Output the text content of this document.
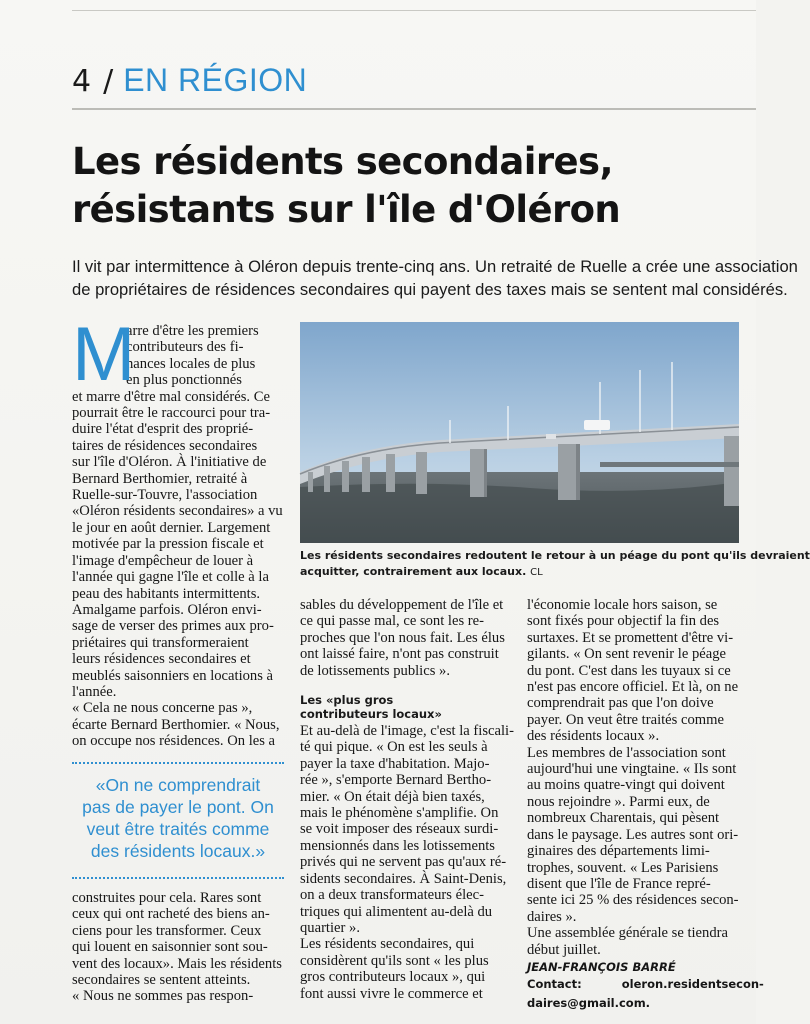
4 / EN RÉGION
Les résidents secondaires,
résistants sur l'île d'Oléron
Il vit par intermittence à Oléron depuis trente-cinq ans. Un retraité de Ruelle a crée une association
de propriétaires de résidences secondaires qui payent des taxes mais se sentent mal considérés.
M
arre d'être les premiers
contributeurs des fi-
nances locales de plus
en plus ponctionnés
et marre d'être mal considérés. Ce
pourrait être le raccourci pour tra-
duire l'état d'esprit des proprié-
taires de résidences secondaires
sur l'île d'Oléron. À l'initiative de
Bernard Berthomier, retraité à
Ruelle-sur-Touvre, l'association
«Oléron résidents secondaires» a vu
le jour en août dernier. Largement
motivée par la pression fiscale et
l'image d'empêcheur de louer à
l'année qui gagne l'île et colle à la
peau des habitants intermittents.
Amalgame parfois. Oléron envi-
sage de verser des primes aux pro-
priétaires qui transformeraient
leurs résidences secondaires et
meublés saisonniers en locations à
l'année.
« Cela ne nous concerne pas »,
écarte Bernard Berthomier. « Nous,
on occupe nos résidences. On les a
«On ne comprendrait
pas de payer le pont. On
veut être traités comme
des résidents locaux.»
construites pour cela. Rares sont
ceux qui ont racheté des biens an-
ciens pour les transformer. Ceux
qui louent en saisonnier sont sou-
vent des locaux». Mais les résidents
secondaires se sentent atteints.
« Nous ne sommes pas respon-
Les résidents secondaires redoutent le retour à un péage du pont qu'ils devraient
acquitter, contrairement aux locaux. CL
sables du développement de l'île et
ce qui passe mal, ce sont les re-
proches que l'on nous fait. Les élus
ont laissé faire, n'ont pas construit
de lotissements publics ».
Les «plus gros
contributeurs locaux»
Et au-delà de l'image, c'est la fiscali-
té qui pique. « On est les seuls à
payer la taxe d'habitation. Majo-
rée », s'emporte Bernard Bertho-
mier. « On était déjà bien taxés,
mais le phénomène s'amplifie. On
se voit imposer des réseaux surdi-
mensionnés dans les lotissements
privés qui ne servent pas qu'aux ré-
sidents secondaires. À Saint-Denis,
on a deux transformateurs élec-
triques qui alimentent au-delà du
quartier ».
Les résidents secondaires, qui
considèrent qu'ils sont « les plus
gros contributeurs locaux », qui
font aussi vivre le commerce et
l'économie locale hors saison, se
sont fixés pour objectif la fin des
surtaxes. Et se promettent d'être vi-
gilants. « On sent revenir le péage
du pont. C'est dans les tuyaux si ce
n'est pas encore officiel. Et là, on ne
comprendrait pas que l'on doive
payer. On veut être traités comme
des résidents locaux ».
Les membres de l'association sont
aujourd'hui une vingtaine. « Ils sont
au moins quatre-vingt qui doivent
nous rejoindre ». Parmi eux, de
nombreux Charentais, qui pèsent
dans le paysage. Les autres sont ori-
ginaires des départements limi-
trophes, souvent. « Les Parisiens
disent que l'île de France repré-
sente ici 25 % des résidences secon-
daires ».
Une assemblée générale se tiendra
début juillet.
JEAN-FRANÇOIS BARRÉ
Contact:	oleron.residentsecon-
daires@gmail.com.
